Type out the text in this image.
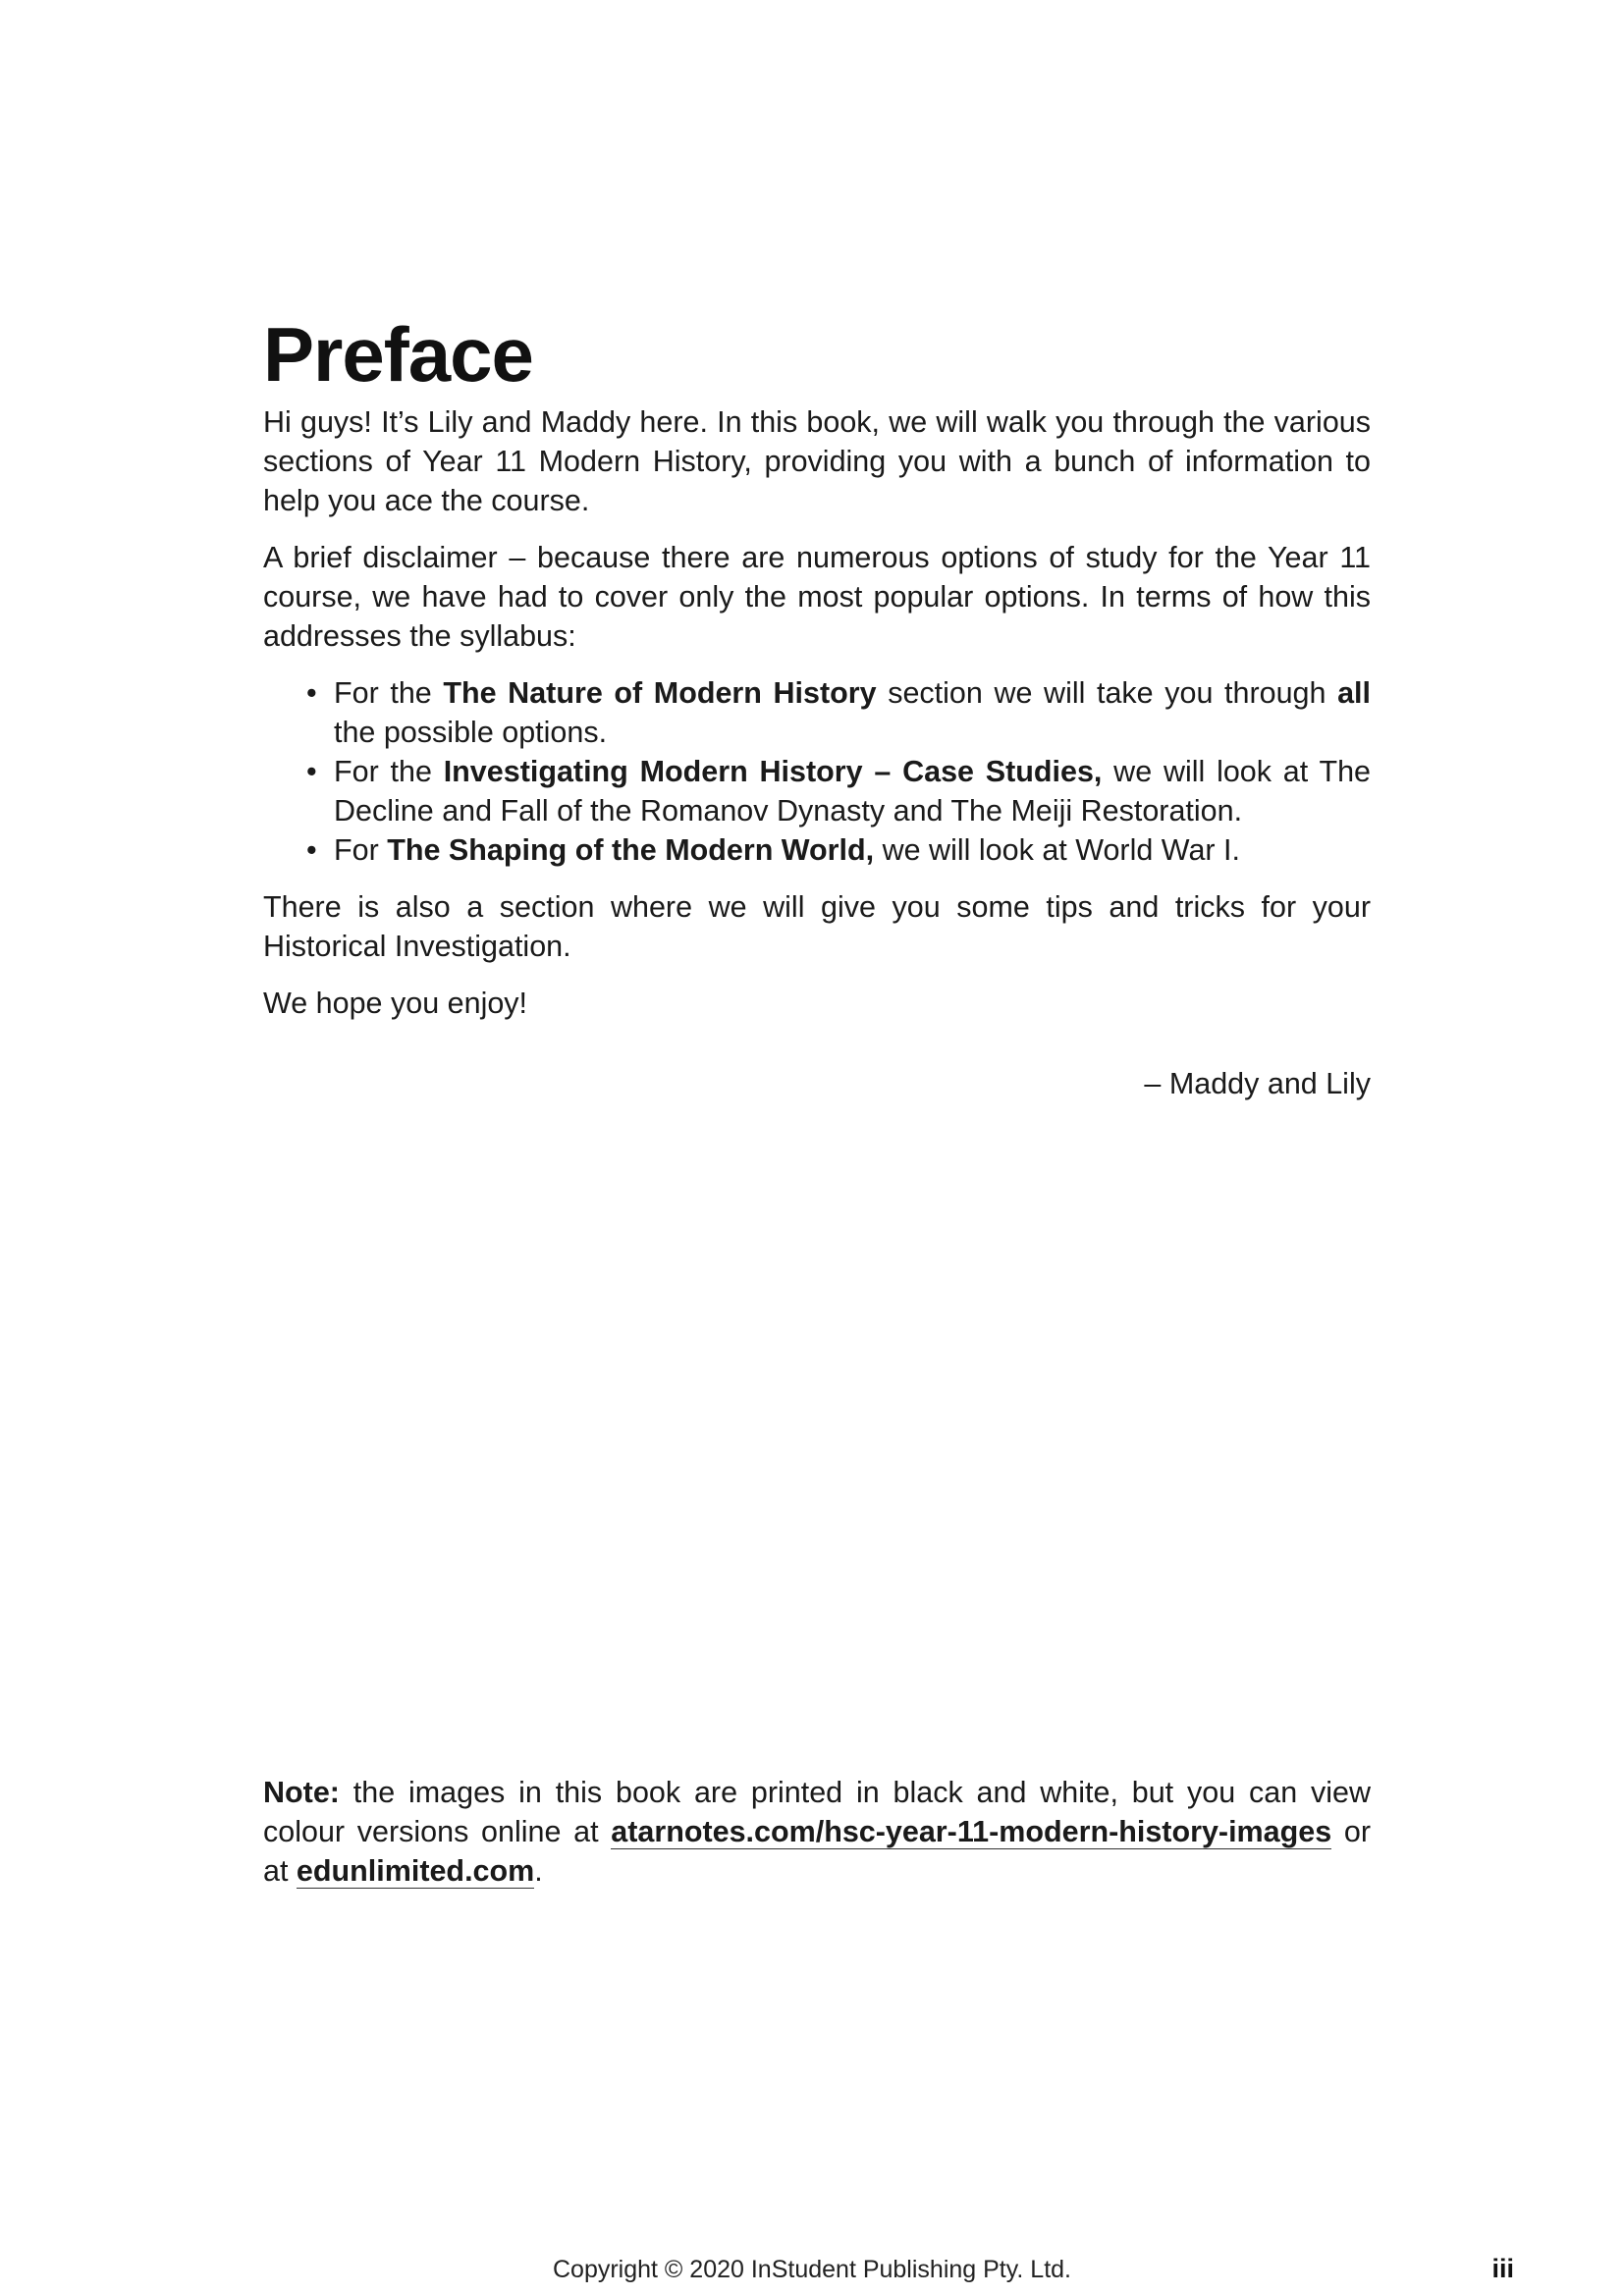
Preface

Hi guys! It’s Lily and Maddy here. In this book, we will walk you through the various sections of Year 11 Modern History, providing you with a bunch of information to help you ace the course.

A brief disclaimer – because there are numerous options of study for the Year 11 course, we have had to cover only the most popular options. In terms of how this addresses the syllabus:

• For the The Nature of Modern History section we will take you through all the possible options.
• For the Investigating Modern History – Case Studies, we will look at The Decline and Fall of the Romanov Dynasty and The Meiji Restoration.
• For The Shaping of the Modern World, we will look at World War I.

There is also a section where we will give you some tips and tricks for your Historical Investigation.

We hope you enjoy!

– Maddy and Lily

Note: the images in this book are printed in black and white, but you can view colour versions online at atarnotes.com/hsc-year-11-modern-history-images or at edunlimited.com.

Copyright © 2020 InStudent Publishing Pty. Ltd.	iii
